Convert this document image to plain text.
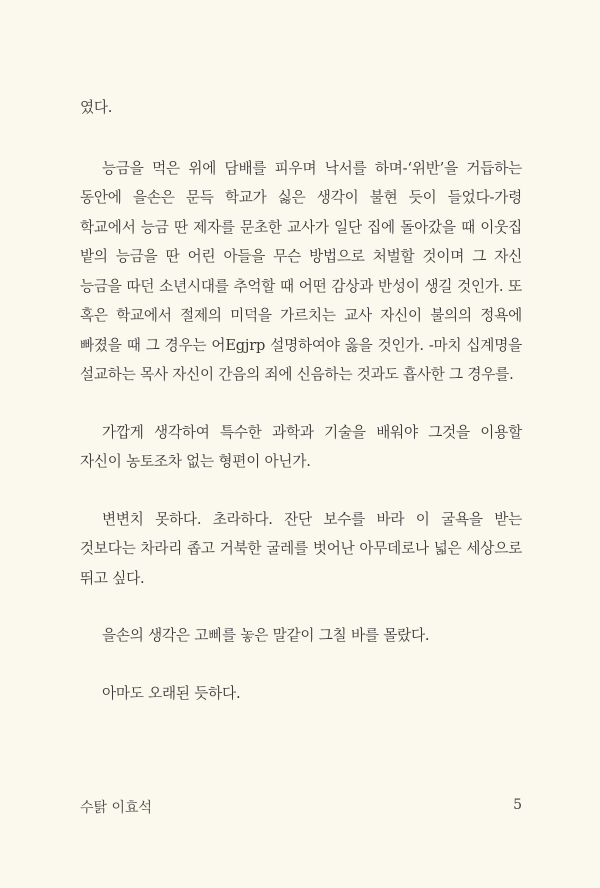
였다.

능금을 먹은 위에 담배를 피우며 낙서를 하며-‘위반’을 거듭하는 동안에 을손은 문득 학교가 싫은 생각이 불현 듯이 들었다-가령 학교에서 능금 딴 제자를 문초한 교사가 일단 집에 돌아갔을 때 이웃집 밭의 능금을 딴 어린 아들을 무슨 방법으로 처벌할 것이며 그 자신 능금을 따던 소년시대를 추억할 때 어떤 감상과 반성이 생길 것인가. 또 혹은 학교에서 절제의 미덕을 가르치는 교사 자신이 불의의 정욕에 빠졌을 때 그 경우는 어Egjrp 설명하여야 옳을 것인가. -마치 십계명을 설교하는 목사 자신이 간음의 죄에 신음하는 것과도 흡사한 그 경우를.

가깝게 생각하여 특수한 과학과 기술을 배워야 그것을 이용할 자신이 농토조차 없는 형편이 아닌가.

변변치 못하다. 초라하다. 잔단 보수를 바라 이 굴욕을 받는 것보다는 차라리 좁고 거북한 굴레를 벗어난 아무데로나 넓은 세상으로 뛰고 싶다.

을손의 생각은 고삐를 놓은 말같이 그칠 바를 몰랐다.

아마도 오래된 듯하다.

수탉 이효석	5
